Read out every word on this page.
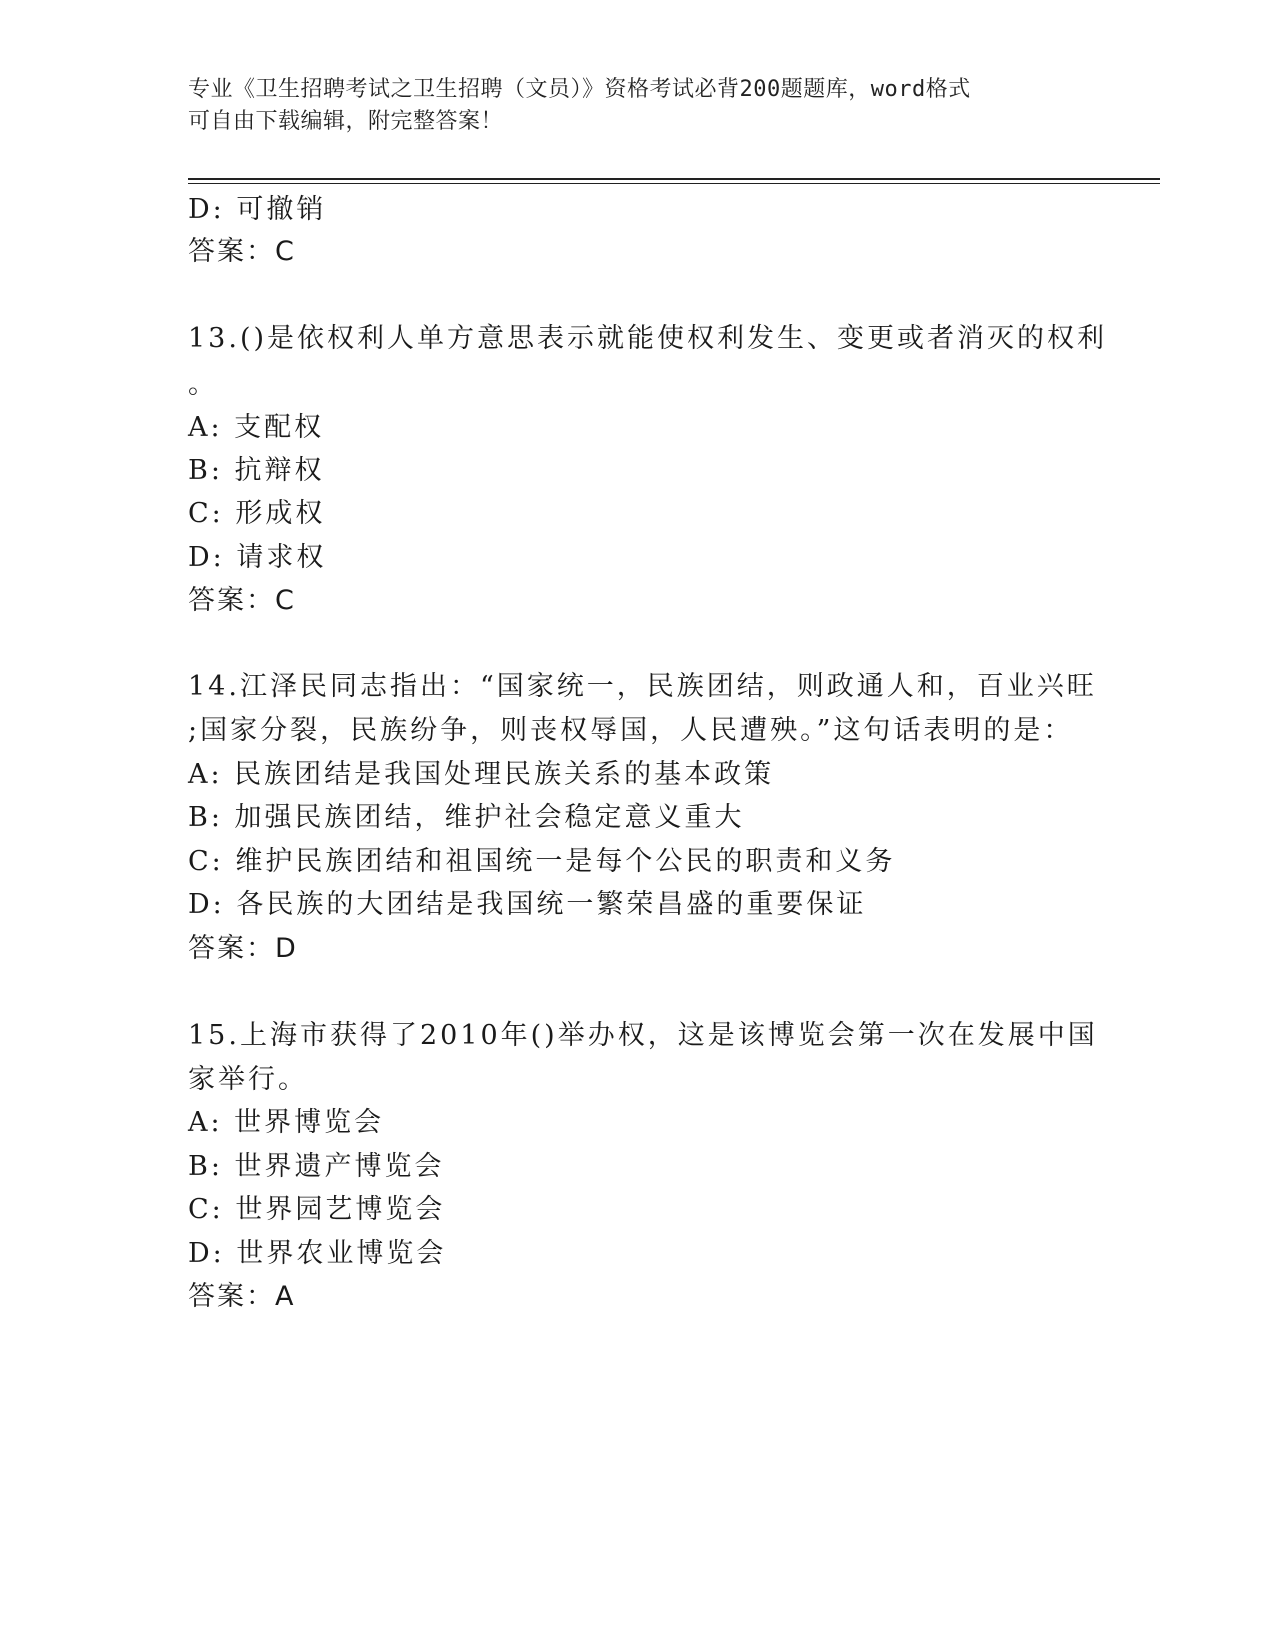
专业《卫生招聘考试之卫生招聘（文员）》资格考试必背200题题库，word格式
可自由下载编辑，附完整答案！
D: 可撤销
答案：C
13.()是依权利人单方意思表示就能使权利发生、变更或者消灭的权利
。
A: 支配权
B: 抗辩权
C: 形成权
D: 请求权
答案：C
14.江泽民同志指出：“国家统一，民族团结，则政通人和，百业兴旺
;国家分裂，民族纷争，则丧权辱国，人民遭殃。”这句话表明的是：
A: 民族团结是我国处理民族关系的基本政策
B: 加强民族团结，维护社会稳定意义重大
C: 维护民族团结和祖国统一是每个公民的职责和义务
D: 各民族的大团结是我国统一繁荣昌盛的重要保证
答案：D
15.上海市获得了2010年()举办权，这是该博览会第一次在发展中国
家举行。
A: 世界博览会
B: 世界遗产博览会
C: 世界园艺博览会
D: 世界农业博览会
答案：A
